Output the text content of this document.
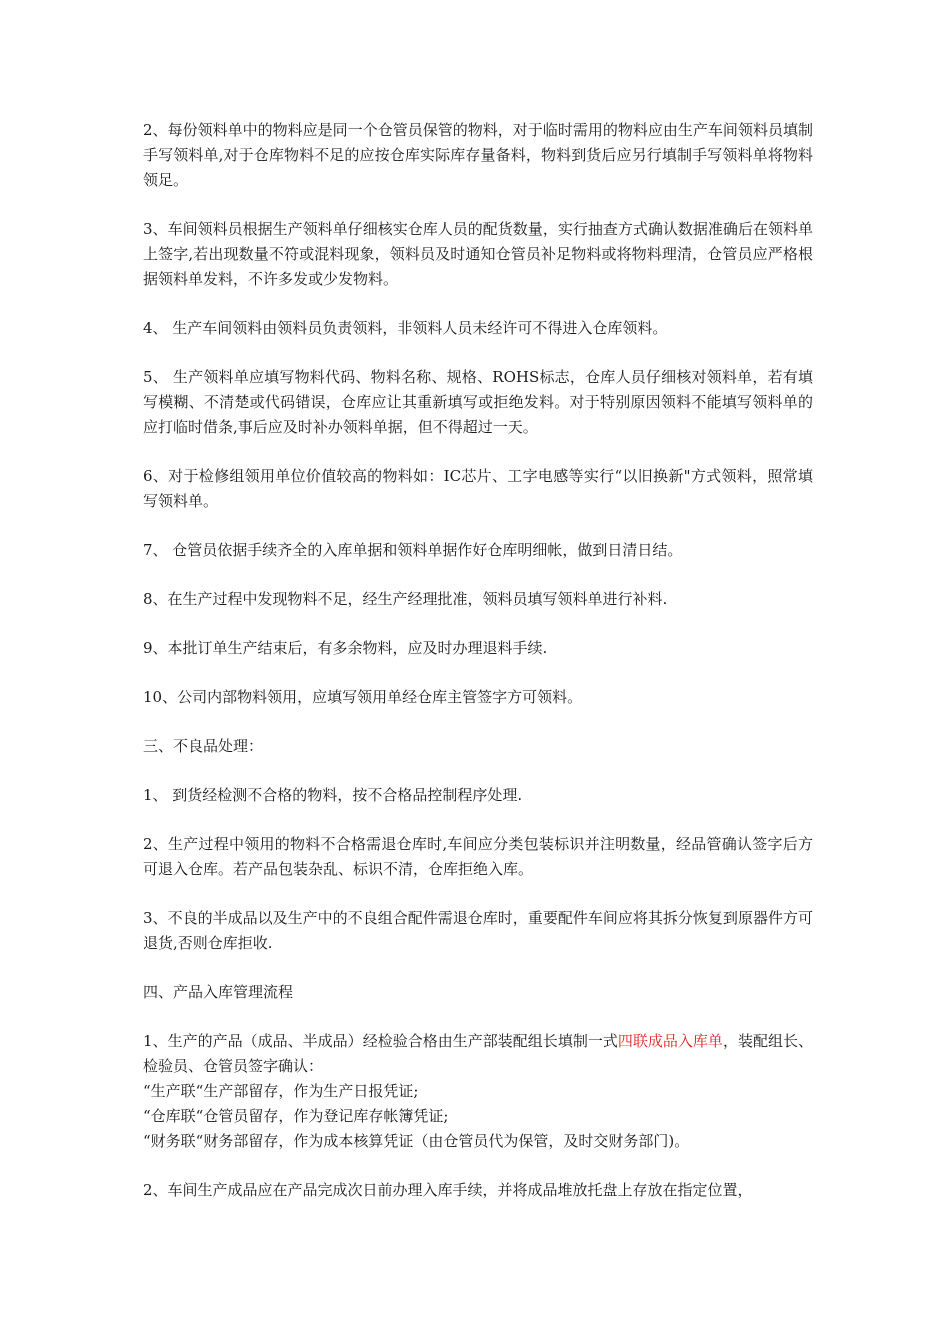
2、每份领料单中的物料应是同一个仓管员保管的物料，对于临时需用的物料应由生产车间领料员填制手写领料单,对于仓库物料不足的应按仓库实际库存量备料，物料到货后应另行填制手写领料单将物料领足。

3、车间领料员根据生产领料单仔细核实仓库人员的配货数量，实行抽查方式确认数据准确后在领料单上签字,若出现数量不符或混料现象，领料员及时通知仓管员补足物料或将物料理清，仓管员应严格根据领料单发料，不许多发或少发物料。

4、 生产车间领料由领料员负责领料，非领料人员未经许可不得进入仓库领料。

5、 生产领料单应填写物料代码、物料名称、规格、ROHS标志，仓库人员仔细核对领料单，若有填写模糊、不清楚或代码错误，仓库应让其重新填写或拒绝发料。对于特别原因领料不能填写领料单的应打临时借条,事后应及时补办领料单据，但不得超过一天。

6、对于检修组领用单位价值较高的物料如：IC芯片、工字电感等实行“以旧换新"方式领料，照常填写领料单。

7、 仓管员依据手续齐全的入库单据和领料单据作好仓库明细帐，做到日清日结。

8、在生产过程中发现物料不足，经生产经理批准，领料员填写领料单进行补料.

9、本批订单生产结束后，有多余物料，应及时办理退料手续.

10、公司内部物料领用，应填写领用单经仓库主管签字方可领料。

三、不良品处理：

1、 到货经检测不合格的物料，按不合格品控制程序处理.

2、生产过程中领用的物料不合格需退仓库时,车间应分类包装标识并注明数量，经品管确认签字后方可退入仓库。若产品包装杂乱、标识不清，仓库拒绝入库。

3、不良的半成品以及生产中的不良组合配件需退仓库时，重要配件车间应将其拆分恢复到原器件方可退货,否则仓库拒收.

四、产品入库管理流程

1、生产的产品（成品、半成品）经检验合格由生产部装配组长填制一式四联成品入库单，装配组长、检验员、仓管员签字确认：
“生产联“生产部留存，作为生产日报凭证;
“仓库联“仓管员留存，作为登记库存帐簿凭证;
“财务联“财务部留存，作为成本核算凭证（由仓管员代为保管，及时交财务部门)。

2、车间生产成品应在产品完成次日前办理入库手续，并将成品堆放托盘上存放在指定位置，
